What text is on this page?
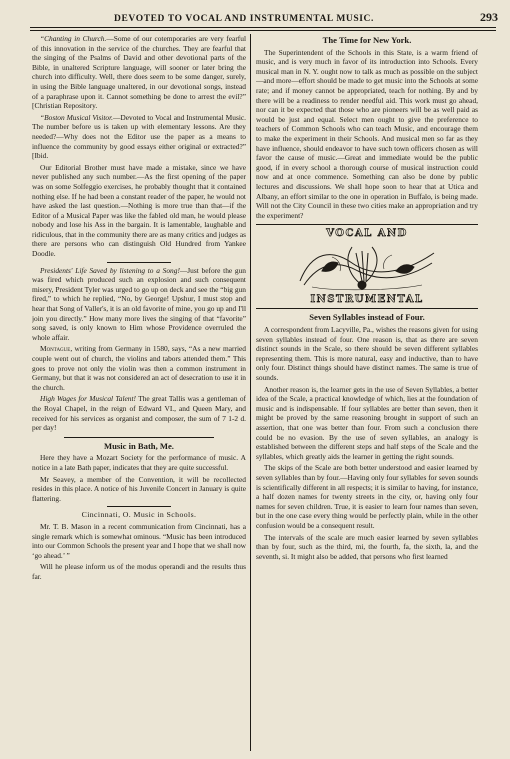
DEVOTED TO VOCAL AND INSTRUMENTAL MUSIC.	293

“Chanting in Church.—Some of our cotemporaries are very fearful of this innovation in the service of the churches. They are fearful that the singing of the Psalms of David and other devotional parts of the Bible, in unaltered Scripture language, will sooner or later bring the church into difficulty. Well, there does seem to be some danger, surely, in using the Bible language unaltered, in our devotional songs, instead of a paraphrase upon it. Cannot something be done to arrest the evil?” [Christian Repository.

“Boston Musical Visitor.—Devoted to Vocal and Instrumental Music. The number before us is taken up with elementary lessons. Are they needed?—Why does not the Editor use the paper as a means to influence the community by good essays either original or extracted?” [Ibid.

Our Editorial Brother must have made a mistake, since we have never published any such number.—As the first opening of the paper was on some Solfeggio exercises, he probably thought that it contained nothing else. If he had been a constant reader of the paper, he would not have asked the last question.—Nothing is more true than that—if the Editor of a Musical Paper was like the fabled old man, he would please nobody and lose his Ass in the bargain. It is lamentable, laughable and ridiculous, that in the community there are as many critics and judges as there are persons who can distinguish Old Hundred from Yankee Doodle.

Presidents' Life Saved by listening to a Song!—Just before the gun was fired which produced such an explosion and such consequent misery, President Tyler was urged to go up on deck and see the “big gun fired,” to which he replied, “No, by George! Upshur, I must stop and hear that Song of Valler's, it is an old favorite of mine, you go up and I'll join you directly.” How many more lives the singing of that “favorite” song saved, is only known to Him whose Providence overruled the whole affair.

Montague, writing from Germany in 1580, says, “As a new married couple went out of church, the violins and tabors attended them.” This goes to prove not only the violin was then a common instrument in Germany, but that it was not considered an act of desecration to use it in the church.

High Wages for Musical Talent! The great Tallis was a gentleman of the Royal Chapel, in the reign of Edward VI., and Queen Mary, and received for his services as organist and composer, the sum of 7 1-2 d. per day!

Music in Bath, Me.

Here they have a Mozart Society for the performance of music. A notice in a late Bath paper, indicates that they are quite successful.

Mr Seavey, a member of the Convention, it will be recollected resides in this place. A notice of his Juvenile Concert in January is quite flattering.

Cincinnati, O. Music in Schools.

Mr. T. B. Mason in a recent communication from Cincinnati, has a single remark which is somewhat ominous. “Music has been introduced into our Common Schools the present year and I hope that we shall now ‘go ahead.’ ”

Will he please inform us of the modus operandi and the results thus far.

The Time for New York.

The Superintendent of the Schools in this State, is a warm friend of music, and is very much in favor of its introduction into Schools. Every musical man in N. Y. ought now to talk as much as possible on the subject—and more—effort should be made to get music into the Schools at some rate; and if money cannot be appropriated, teach for nothing. By and by there will be a readiness to render needful aid. This work must go ahead, nor can it be expected that those who are pioneers will be as well paid as would be just and equal. Select men ought to give the preference to teachers of Common Schools who can teach Music, and encourage them to make the experiment in their Schools. And musical men so far as they have influence, should endeavor to have such town officers chosen as will favor the cause of music.—Great and immediate would be the public good, if in every school a thorough course of musical instruction could now and at once commence. Something can also be done by public lectures and discussions. We shall hope soon to hear that at Utica and Albany, an effort similar to the one in operation in Buffalo, is being made. Will not the City Council in these two cities make an appropriation and try the experiment?

VOCAL AND
INSTRUMENTAL
Seven Syllables instead of Four.

A correspondent from Lacyville, Pa., wishes the reasons given for using seven syllables instead of four. One reason is, that as there are seven distinct sounds in the Scale, so there should be seven different syllables representing them. This is more natural, easy and inductive, than to have only four. Distinct things should have distinct names. The same is true of sounds.

Another reason is, the learner gets in the use of Seven Syllables, a better idea of the Scale, a practical knowledge of which, lies at the foundation of music and is indispensable. If four syllables are better than seven, then it might be proved by the same reasoning brought in support of such an assertion, that one was better than four. From such a conclusion there could be no evasion. By the use of seven syllables, an analogy is established between the different steps and half steps of the Scale and the syllables, which greatly aids the learner in getting the right sounds.

The skips of the Scale are both better understood and easier learned by seven syllables than by four.—Having only four syllables for seven sounds is scientifically different in all respects; it is similar to having, for instance, a half dozen names for twenty streets in the city, or, having only four names for seven children. True, it is easier to learn four names than seven, but in the one case every thing would be perfectly plain, while in the other confusion would be a consequent result.

The intervals of the scale are much easier learned by seven syllables than by four, such as the third, mi, the fourth, fa, the sixth, la, and the seventh, si. It might also be added, that persons who first learned
